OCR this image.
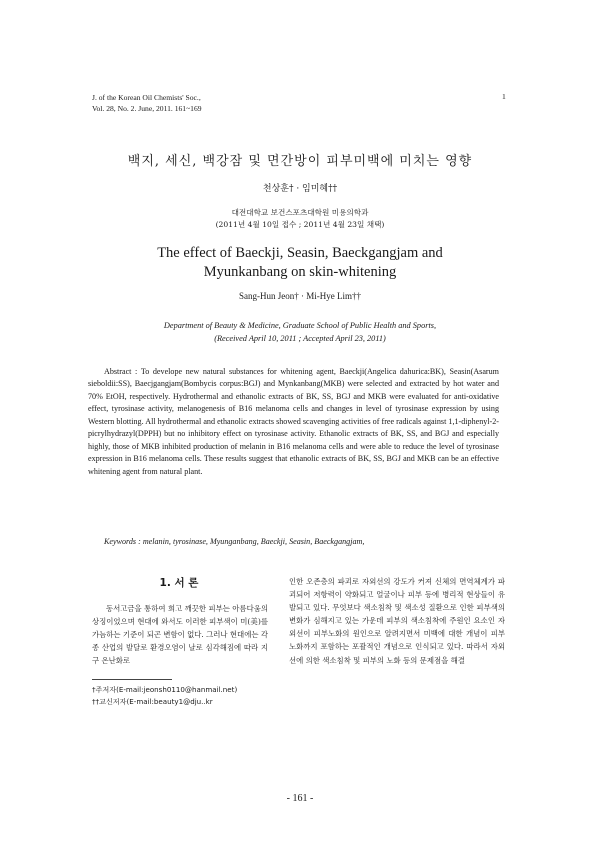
J. of the Korean Oil Chemists' Soc.,
Vol. 28, No. 2. June, 2011. 161~169
1
백지, 세신, 백강잠 및 면간방이 피부미백에 미치는 영향
천상훈† · 임미혜††
대전대학교 보건스포츠대학원 미용의학과
(2011년 4월 10일 접수 ; 2011년 4월 23일 채택)
The effect of Baeckji, Seasin, Baeckgangjam and
Myunkanbang on skin-whitening
Sang-Hun Jeon† · Mi-Hye Lim††
Department of Beauty & Medicine, Graduate School of Public Health and Sports,
(Received April 10, 2011 ; Accepted April 23, 2011)
Abstract : To develope new natural substances for whitening agent, Baeckji(Angelica dahurica:BK), Seasin(Asarum sieboldii:SS), Baecjgangjam(Bombycis corpus:BGJ) and Mynkanbang(MKB) were selected and extracted by hot water and 70% EtOH, respectively. Hydrothermal and ethanolic extracts of BK, SS, BGJ and MKB were evaluated for anti-oxidative effect, tyrosinase activity, melanogenesis of B16 melanoma cells and changes in level of tyrosinase expression by using Western blotting. All hydrothermal and ethanolic extracts showed scavenging activities of free radicals against 1,1-diphenyl-2-picrylhydrazyl(DPPH) but no inhibitory effect on tyrosinase activity. Ethanolic extracts of BK, SS, and BGJ and especially highly, those of MKB inhibited production of melanin in B16 melanoma cells and were able to reduce the level of tyrosinase expression in B16 melanoma cells. These results suggest that ethanolic extracts of BK, SS, BGJ and MKB can be an effective whitening agent from natural plant.
Keywords : melanin, tyrosinase, Myunganbang, Baeckji, Seasin, Baeckgangjam,
1. 서 론
동서고금을 통하여 희고 깨끗한 피부는 아름다움의 상징이었으며 현대에 와서도 이러한 피부색이 미(美)를 가늠하는 기준이 되곤 변함이 없다. 그러나 현대에는 각종 산업의 발달로 환경오염이 날로 심각해짐에 따라 지구 온난화로
인한 오존층의 파괴로 자외선의 강도가 커져 신체의 면역체계가 파괴되어 저항력이 약화되고 얼굴이나 피부 등에 병리적 현상들이 유발되고 있다. 무엇보다 색소침착 및 색소성 질환으로 인한 피부색의 변화가 심해지고 있는 가운데 피부의 색소침착에 주원인 요소인 자외선이 피부노화의 원인으로 알려지면서 미백에 대한 개념이 피부노화까지 포함하는 포괄적인 개념으로 인식되고 있다. 따라서 자외선에 의한 색소침착 및 피부의 노화 등의 문제점을 해결
†주저자(E-mail:jeonsh0110@hanmail.net)
††교신저자(E-mail:beauty1@dju..kr
- 161 -
